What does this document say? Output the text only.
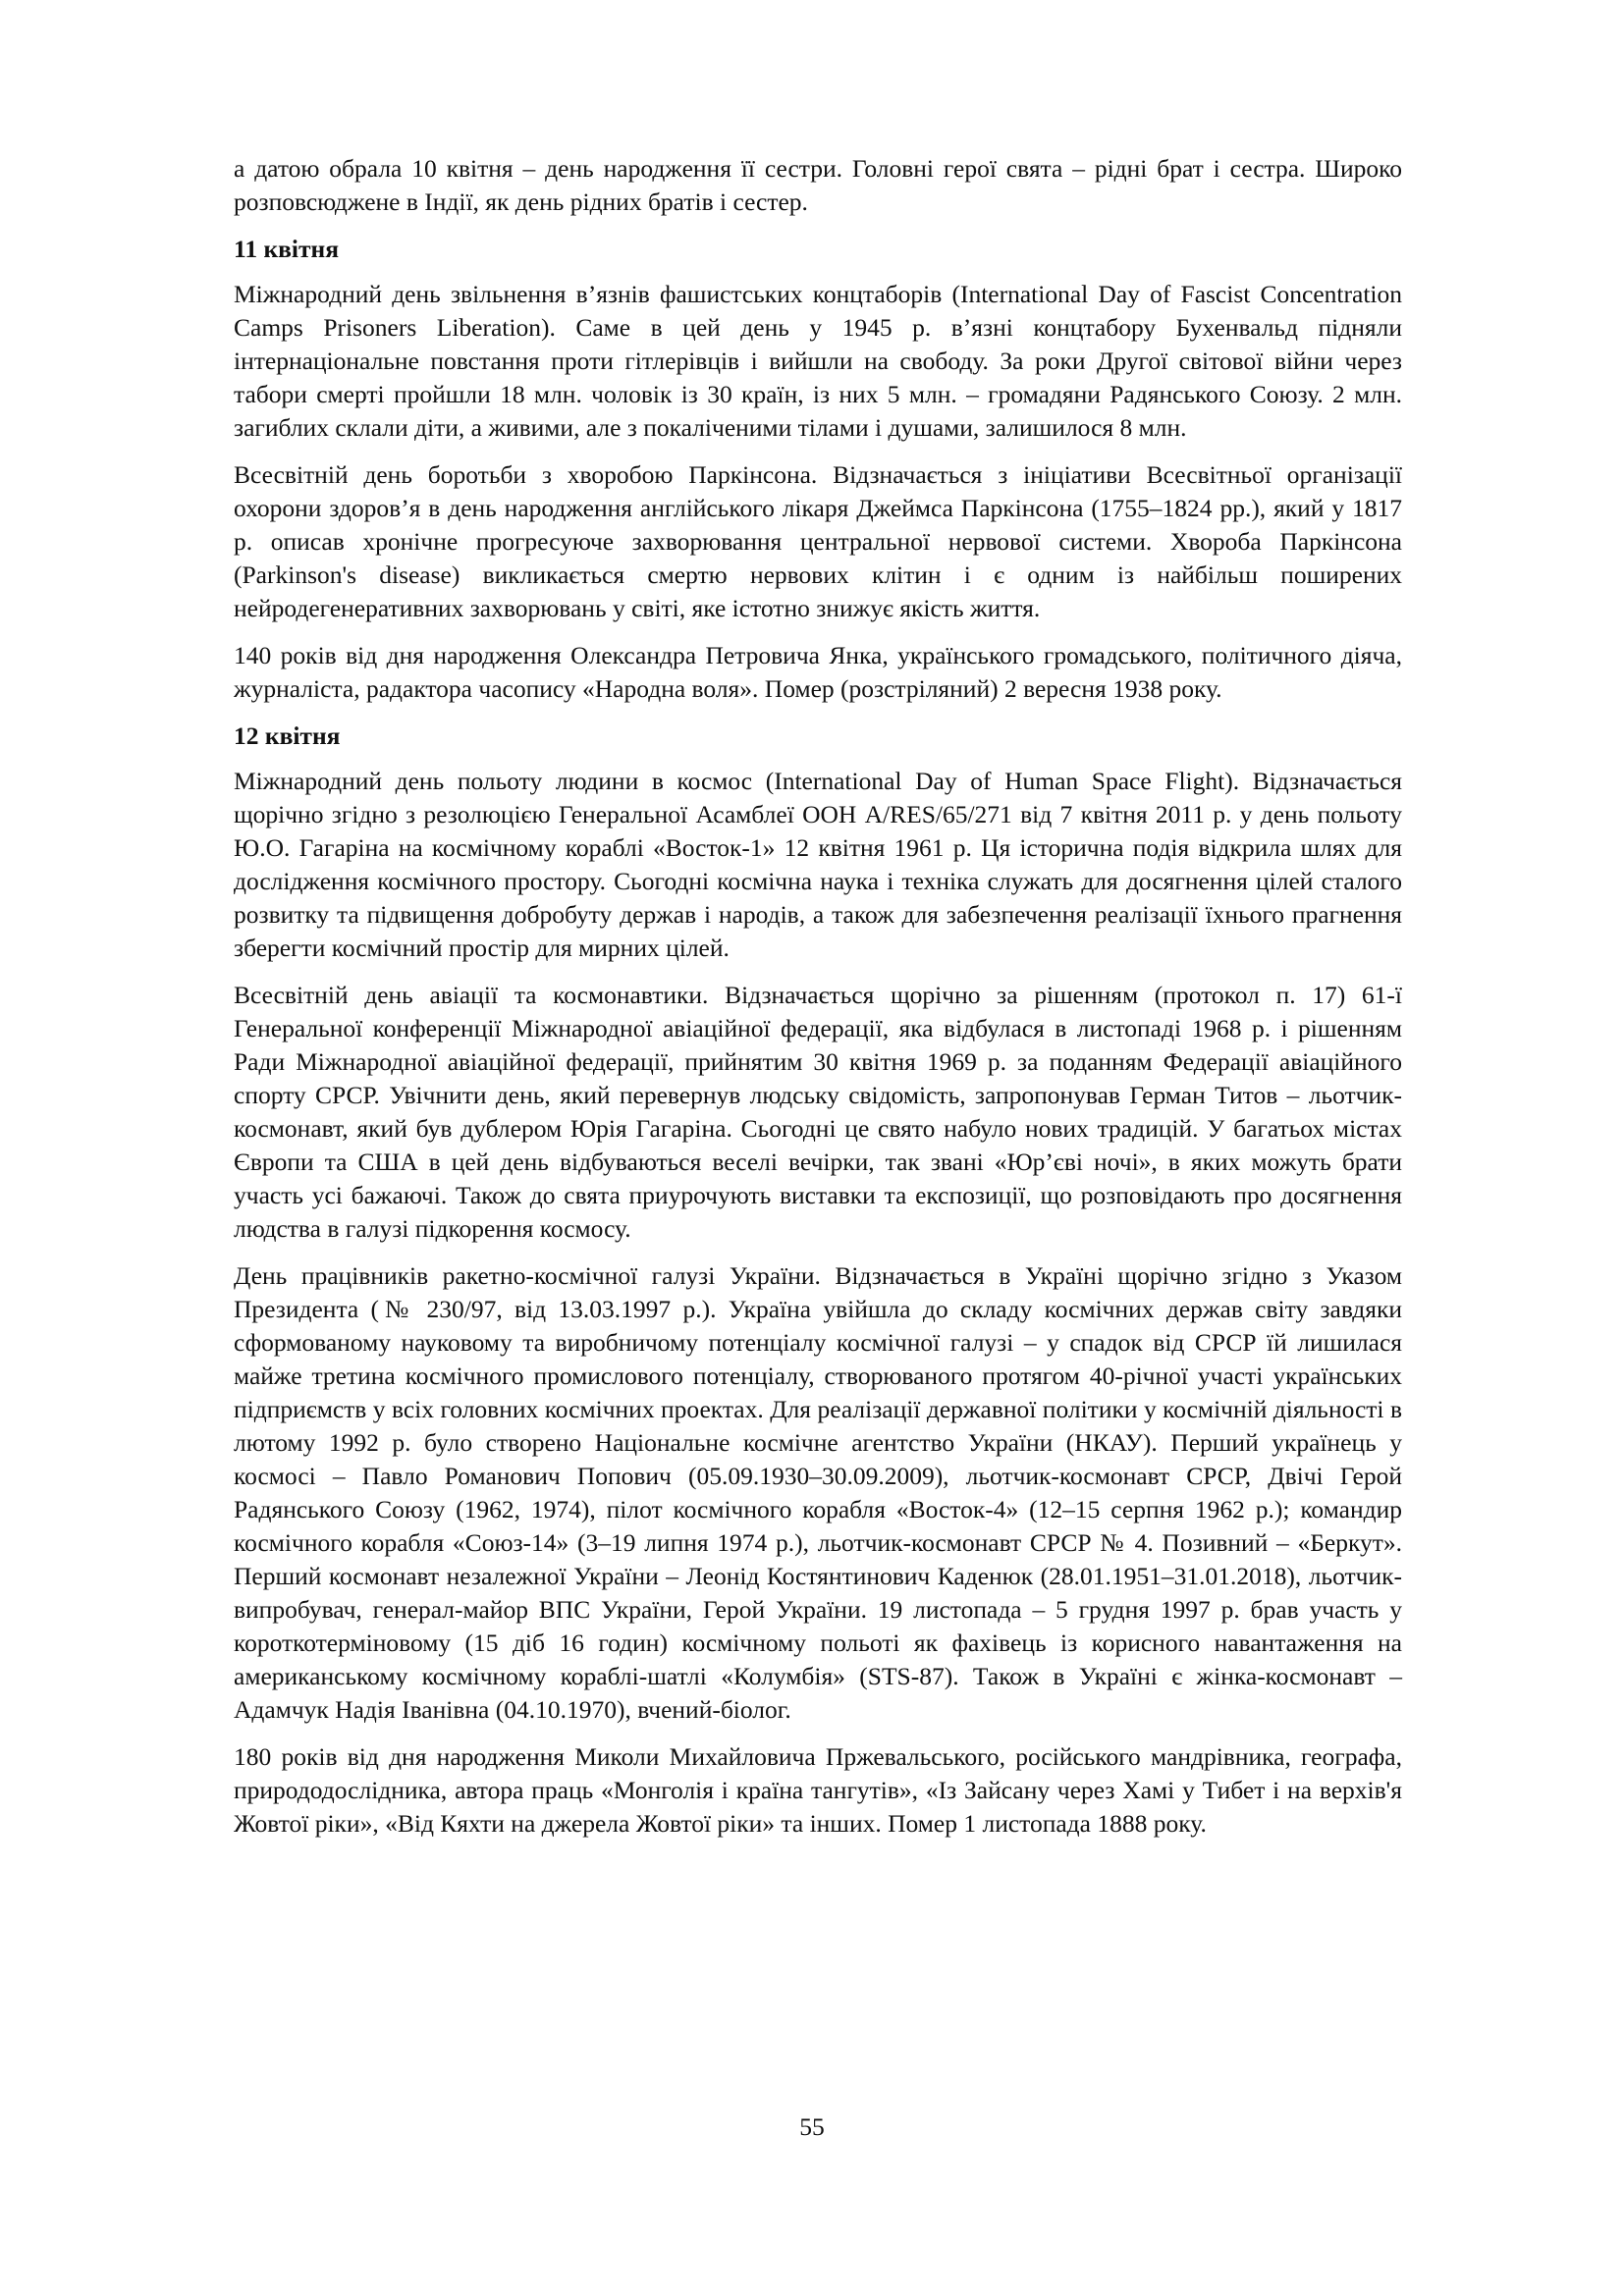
а датою обрала 10 квітня – день народження її сестри. Головні герої свята – рідні брат і сестра. Широко розповсюджене в Індії, як день рідних братів і сестер.

11 квітня

Міжнародний день звільнення в’язнів фашистських концтаборів (International Day of Fascist Concentration Camps Prisoners Liberation). Саме в цей день у 1945 р. в’язні концтабору Бухенвальд підняли інтернаціональне повстання проти гітлерівців і вийшли на свободу. За роки Другої світової війни через табори смерті пройшли 18 млн. чоловік із 30 країн, із них 5 млн. – громадяни Радянського Союзу. 2 млн. загиблих склали діти, а живими, але з покаліченими тілами і душами, залишилося 8 млн.

Всесвітній день боротьби з хворобою Паркінсона. Відзначається з ініціативи Всесвітньої організації охорони здоров’я в день народження англійського лікаря Джеймса Паркінсона (1755–1824 рр.), який у 1817 р. описав хронічне прогресуюче захворювання центральної нервової системи. Хвороба Паркінсона (Parkinson's disease) викликається смертю нервових клітин і є одним із найбільш поширених нейродегенеративних захворювань у світі, яке істотно знижує якість життя.

140 років від дня народження Олександра Петровича Янка, українського громадського, політичного діяча, журналіста, радактора часопису «Народна воля». Помер (розстріляний) 2 вересня 1938 року.

12 квітня

Міжнародний день польоту людини в космос (International Day of Human Space Flight). Відзначається щорічно згідно з резолюцією Генеральної Асамблеї ООН A/RES/65/271 від 7 квітня 2011 р. у день польоту Ю.О. Гагаріна на космічному кораблі «Восток-1» 12 квітня 1961 р. Ця історична подія відкрила шлях для дослідження космічного простору. Сьогодні космічна наука і техніка служать для досягнення цілей сталого розвитку та підвищення добробуту держав і народів, а також для забезпечення реалізації їхнього прагнення зберегти космічний простір для мирних цілей.

Всесвітній день авіації та космонавтики. Відзначається щорічно за рішенням (протокол п. 17) 61-ї Генеральної конференції Міжнародної авіаційної федерації, яка відбулася в листопаді 1968 р. і рішенням Ради Міжнародної авіаційної федерації, прийнятим 30 квітня 1969 р. за поданням Федерації авіаційного спорту СРСР. Увічнити день, який перевернув людську свідомість, запропонував Герман Титов – льотчик-космонавт, який був дублером Юрія Гагаріна. Сьогодні це свято набуло нових традицій. У багатьох містах Європи та США в цей день відбуваються веселі вечірки, так звані «Юр’єві ночі», в яких можуть брати участь усі бажаючі. Також до свята приурочують виставки та експозиції, що розповідають про досягнення людства в галузі підкорення космосу.

День працівників ракетно-космічної галузі України. Відзначається в Україні щорічно згідно з Указом Президента (№ 230/97, від 13.03.1997 р.). Україна увійшла до складу космічних держав світу завдяки сформованому науковому та виробничому потенціалу космічної галузі – у спадок від СРСР їй лишилася майже третина космічного промислового потенціалу, створюваного протягом 40-річної участі українських підприємств у всіх головних космічних проектах. Для реалізації державної політики у космічній діяльності в лютому 1992 р. було створено Національне космічне агентство України (НКАУ). Перший українець у космосі – Павло Романович Попович (05.09.1930–30.09.2009), льотчик-космонавт СРСР, Двічі Герой Радянського Союзу (1962, 1974), пілот космічного корабля «Восток-4» (12–15 серпня 1962 р.); командир космічного корабля «Союз-14» (3–19 липня 1974 р.), льотчик-космонавт СРСР № 4. Позивний – «Беркут». Перший космонавт незалежної України – Леонід Костянтинович Каденюк (28.01.1951–31.01.2018), льотчик-випробувач, генерал-майор ВПС України, Герой України. 19 листопада – 5 грудня 1997 р. брав участь у короткотерміновому (15 діб 16 годин) космічному польоті як фахівець із корисного навантаження на американському космічному кораблі-шатлі «Колумбія» (STS-87). Також в Україні є жінка-космонавт – Адамчук Надія Іванівна (04.10.1970), вчений-біолог.

180 років від дня народження Миколи Михайловича Пржевальського, російського мандрівника, географа, природодослідника, автора праць «Монголія і країна тангутів», «Із Зайсану через Хамі у Тибет і на верхів'я Жовтої ріки», «Від Кяхти на джерела Жовтої ріки» та інших. Помер 1 листопада 1888 року.

55
